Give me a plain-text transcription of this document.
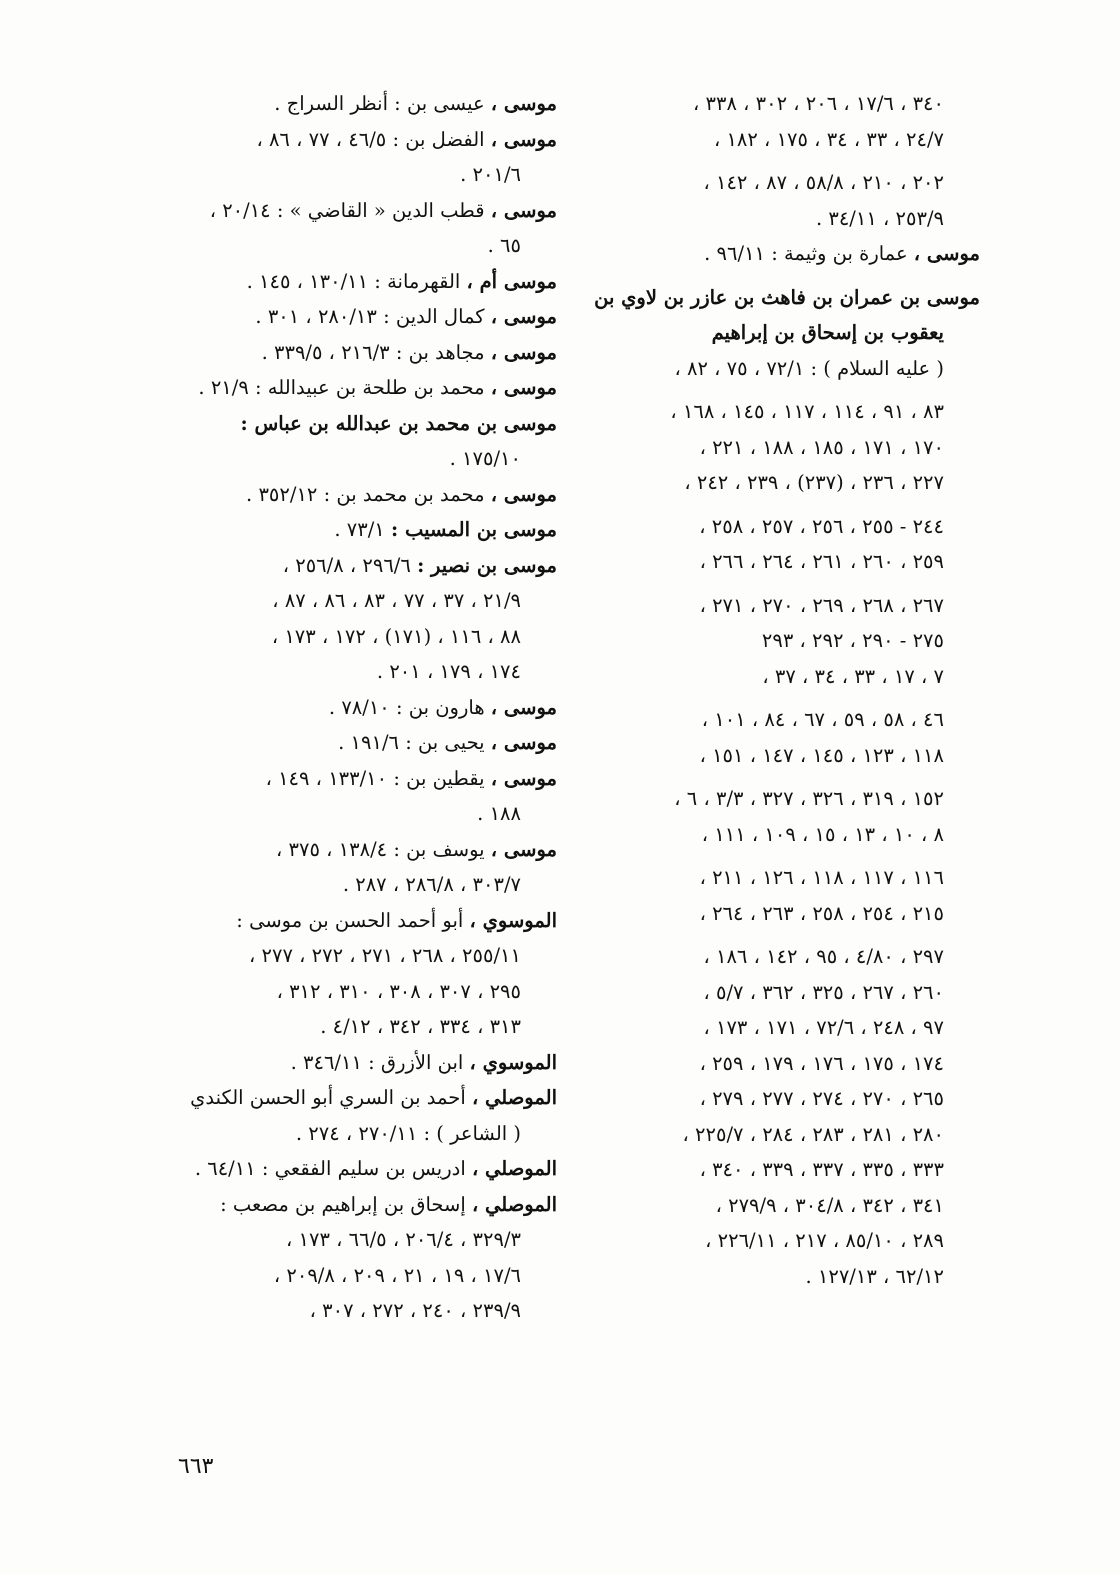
٣٤٠ ، ١٧/٦ ، ٢٠٦ ، ٣٠٢ ، ٣٣٨ ،
٢٤/٧ ، ٣٣ ، ٣٤ ، ١٧٥ ، ١٨٢ ،
٢٠٢ ، ٢١٠ ، ٥٨/٨ ، ٨٧ ، ١٤٢ ،
٢٥٣/٩ ، ٣٤/١١ .
موسى ، عمارة بن وثيمة : ٩٦/١١ .
موسى بن عمران بن فاهث بن عازر بن لاوي بن
يعقوب بن إسحاق بن إبراهيم
( عليه السلام ) : ٧٢/١ ، ٧٥ ، ٨٢ ،
٨٣ ، ٩١ ، ١١٤ ، ١١٧ ، ١٤٥ ، ١٦٨ ،
١٧٠ ، ١٧١ ، ١٨٥ ، ١٨٨ ، ٢٢١ ،
٢٢٧ ، ٢٣٦ ، (٢٣٧) ، ٢٣٩ ، ٢٤٢ ،
٢٤٤ - ٢٥٥ ، ٢٥٦ ، ٢٥٧ ، ٢٥٨ ،
٢٥٩ ، ٢٦٠ ، ٢٦١ ، ٢٦٤ ، ٢٦٦ ،
٢٦٧ ، ٢٦٨ ، ٢٦٩ ، ٢٧٠ ، ٢٧١ ،
٢٧٥ - ٢٩٠ ، ٢٩٢ ، ٢٩٣
٧ ، ١٧ ، ٣٣ ، ٣٤ ، ٣٧ ،
٤٦ ، ٥٨ ، ٥٩ ، ٦٧ ، ٨٤ ، ١٠١ ،
١١٨ ، ١٢٣ ، ١٤٥ ، ١٤٧ ، ١٥١ ،
١٥٢ ، ٣١٩ ، ٣٢٦ ، ٣٢٧ ، ٣/٣ ، ٦ ،
٨ ، ١٠ ، ١٣ ، ١٥ ، ١٠٩ ، ١١١ ،
١١٦ ، ١١٧ ، ١١٨ ، ١٢٦ ، ٢١١ ،
٢١٥ ، ٢٥٤ ، ٢٥٨ ، ٢٦٣ ، ٢٦٤ ،
٢٩٧ ، ٤/٨٠ ، ٩٥ ، ١٤٢ ، ١٨٦ ،
٢٦٠ ، ٢٦٧ ، ٣٢٥ ، ٣٦٢ ، ٥/٧ ،
٩٧ ، ٢٤٨ ، ٧٢/٦ ، ١٧١ ، ١٧٣ ،
١٧٤ ، ١٧٥ ، ١٧٦ ، ١٧٩ ، ٢٥٩ ،
٢٦٥ ، ٢٧٠ ، ٢٧٤ ، ٢٧٧ ، ٢٧٩ ،
٢٨٠ ، ٢٨١ ، ٢٨٣ ، ٢٨٤ ، ٢٢٥/٧ ،
٣٣٣ ، ٣٣٥ ، ٣٣٧ ، ٣٣٩ ، ٣٤٠ ،
٣٤١ ، ٣٤٢ ، ٣٠٤/٨ ، ٢٧٩/٩ ،
٢٨٩ ، ٨٥/١٠ ، ٢١٧ ، ٢٢٦/١١ ،
٦٢/١٢ ، ١٢٧/١٣ .
موسى ، عيسى بن : أنظر السراج .
موسى ، الفضل بن : ٤٦/٥ ، ٧٧ ، ٨٦ ،
٢٠١/٦ .
موسى ، قطب الدين « القاضي » : ٢٠/١٤ ،
٦٥ .
موسى أم ، القهرمانة : ١٣٠/١١ ، ١٤٥ .
موسى ، كمال الدين : ٢٨٠/١٣ ، ٣٠١ .
موسى ، مجاهد بن : ٢١٦/٣ ، ٣٣٩/٥ .
موسى ، محمد بن طلحة بن عبيدالله : ٢١/٩ .
موسى بن محمد بن عبدالله بن عباس :
١٧٥/١٠ .
موسى ، محمد بن محمد بن : ٣٥٢/١٢ .
موسى بن المسيب : ٧٣/١ .
موسى بن نصير : ٢٩٦/٦ ، ٢٥٦/٨ ،
٢١/٩ ، ٣٧ ، ٧٧ ، ٨٣ ، ٨٦ ، ٨٧ ،
٨٨ ، ١١٦ ، (١٧١) ، ١٧٢ ، ١٧٣ ،
١٧٤ ، ١٧٩ ، ٢٠١ .
موسى ، هارون بن : ٧٨/١٠ .
موسى ، يحيى بن : ١٩١/٦ .
موسى ، يقطين بن : ١٣٣/١٠ ، ١٤٩ ،
١٨٨ .
موسى ، يوسف بن : ١٣٨/٤ ، ٣٧٥ ،
٣٠٣/٧ ، ٢٨٦/٨ ، ٢٨٧ .
الموسوي ، أبو أحمد الحسن بن موسى :
٢٥٥/١١ ، ٢٦٨ ، ٢٧١ ، ٢٧٢ ، ٢٧٧ ،
٢٩٥ ، ٣٠٧ ، ٣٠٨ ، ٣١٠ ، ٣١٢ ،
٣١٣ ، ٣٣٤ ، ٣٤٢ ، ٤/١٢ .
الموسوي ، ابن الأزرق : ٣٤٦/١١ .
الموصلي ، أحمد بن السري أبو الحسن الكندي
( الشاعر ) : ٢٧٠/١١ ، ٢٧٤ .
الموصلي ، ادريس بن سليم الفقعي : ٦٤/١١ .
الموصلي ، إسحاق بن إبراهيم بن مصعب :
٣٢٩/٣ ، ٢٠٦/٤ ، ٦٦/٥ ، ١٧٣ ،
١٧/٦ ، ١٩ ، ٢١ ، ٢٠٩ ، ٢٠٩/٨ ،
٢٣٩/٩ ، ٢٤٠ ، ٢٧٢ ، ٣٠٧ ،
٦٦٣
